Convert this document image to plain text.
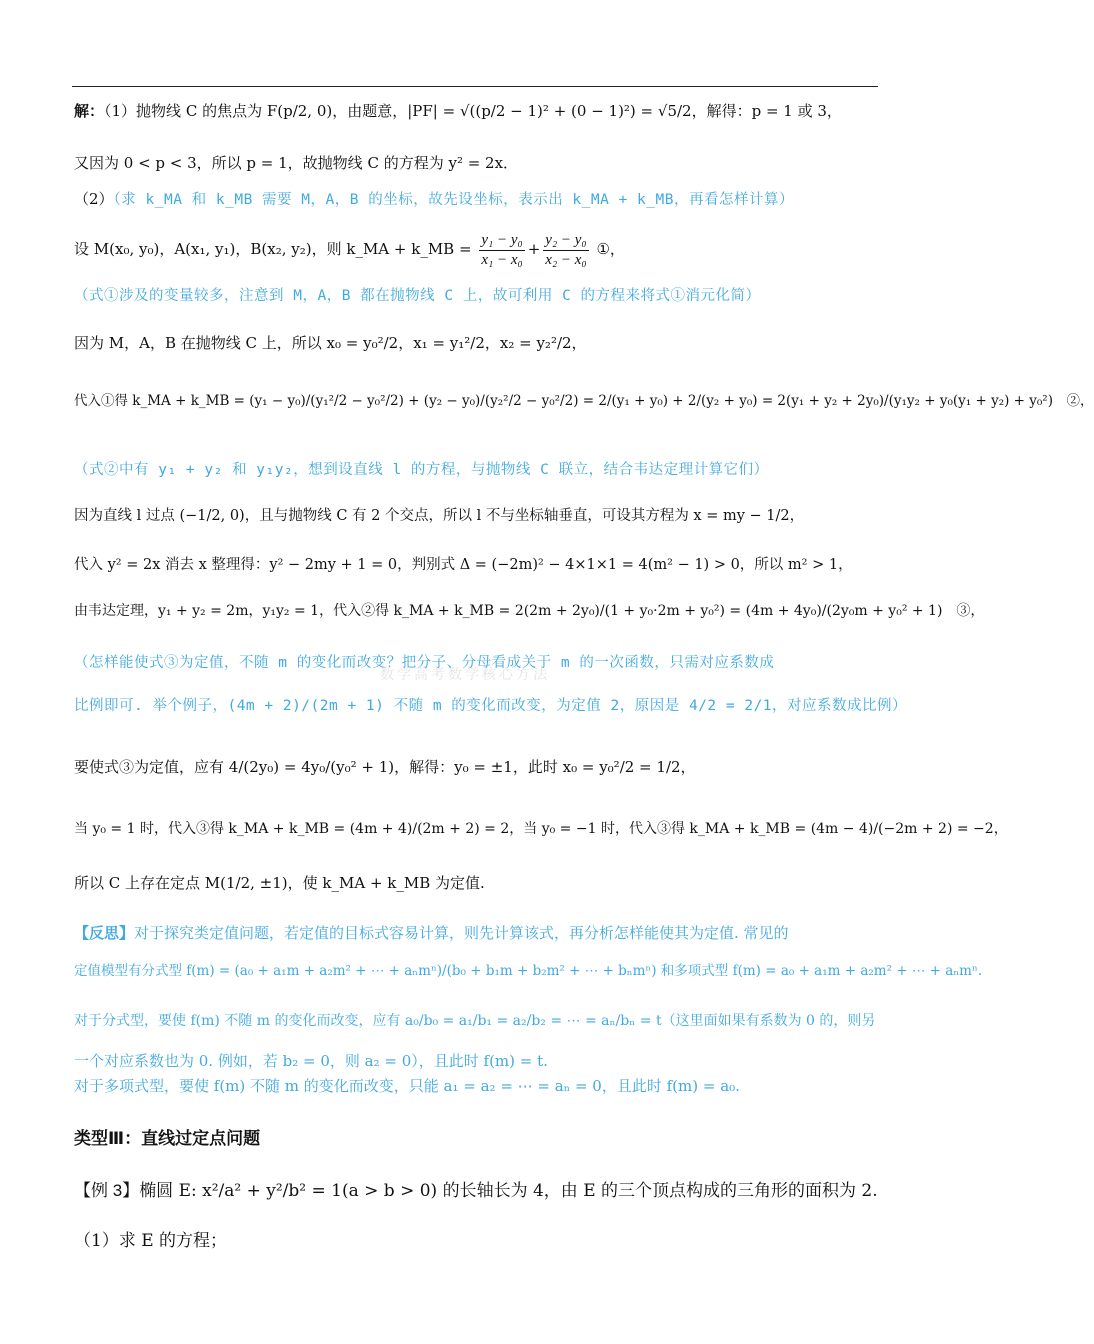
解：（1）抛物线 C 的焦点为 F(p/2, 0)，由题意，|PF| = √((p/2 − 1)² + (0 − 1)²) = √5/2，解得：p = 1 或 3，
又因为 0 < p < 3，所以 p = 1，故抛物线 C 的方程为 y² = 2x．
（2）（求 k_MA 和 k_MB 需要 M，A，B 的坐标，故先设坐标，表示出 k_MA + k_MB，再看怎样计算）
设 M(x₀, y₀)，A(x₁, y₁)，B(x₂, y₂)，则 k_MA + k_MB = $\frac{\text{y₁ − y₀}}{\text{x₁ − x₀}} + \frac{\text{y₂ − y₀}}{\text{x₂ − x₀}}$ ①，
（式①涉及的变量较多，注意到 M，A，B 都在抛物线 C 上，故可利用 C 的方程来将式①消元化简）
因为 M，A，B 在抛物线 C 上，所以 x₀ = y₀²/2，x₁ = y₁²/2，x₂ = y₂²/2，
代入①得 k_MA + k_MB = (y₁ − y₀)/(y₁²/2 − y₀²/2) + (y₂ − y₀)/(y₂²/2 − y₀²/2) = 2/(y₁ + y₀) + 2/(y₂ + y₀) = 2(y₁ + y₂ + 2y₀)/(y₁y₂ + y₀(y₁ + y₂) + y₀²)　②，
（式②中有 y₁ + y₂ 和 y₁y₂，想到设直线 l 的方程，与抛物线 C 联立，结合韦达定理计算它们）
因为直线 l 过点 (−1/2, 0)，且与抛物线 C 有 2 个交点，所以 l 不与坐标轴垂直，可设其方程为 x = my − 1/2，
代入 y² = 2x 消去 x 整理得：y² − 2my + 1 = 0，判别式 Δ = (−2m)² − 4×1×1 = 4(m² − 1) > 0，所以 m² > 1，
由韦达定理，y₁ + y₂ = 2m，y₁y₂ = 1，代入②得 k_MA + k_MB = 2(2m + 2y₀)/(1 + y₀·2m + y₀²) = (4m + 4y₀)/(2y₀m + y₀² + 1)　③，
（怎样能使式③为定值，不随 m 的变化而改变？把分子、分母看成关于 m 的一次函数，只需对应系数成
比例即可. 举个例子，(4m + 2)/(2m + 1) 不随 m 的变化而改变，为定值 2，原因是 4/2 = 2/1，对应系数成比例）
数学高考数学核心方法
要使式③为定值，应有 4/(2y₀) = 4y₀/(y₀² + 1)，解得：y₀ = ±1，此时 x₀ = y₀²/2 = 1/2，
当 y₀ = 1 时，代入③得 k_MA + k_MB = (4m + 4)/(2m + 2) = 2，当 y₀ = −1 时，代入③得 k_MA + k_MB = (4m − 4)/(−2m + 2) = −2，
所以 C 上存在定点 M(1/2, ±1)，使 k_MA + k_MB 为定值.
【反思】对于探究类定值问题，若定值的目标式容易计算，则先计算该式，再分析怎样能使其为定值. 常见的
定值模型有分式型 f(m) = (a₀ + a₁m + a₂m² + ⋯ + aₙmⁿ)/(b₀ + b₁m + b₂m² + ⋯ + bₙmⁿ) 和多项式型 f(m) = a₀ + a₁m + a₂m² + ⋯ + aₙmⁿ.
对于分式型，要使 f(m) 不随 m 的变化而改变，应有 a₀/b₀ = a₁/b₁ = a₂/b₂ = ⋯ = aₙ/bₙ = t（这里面如果有系数为 0 的，则另
一个对应系数也为 0. 例如，若 b₂ = 0，则 a₂ = 0），且此时 f(m) = t.
对于多项式型，要使 f(m) 不随 m 的变化而改变，只能 a₁ = a₂ = ⋯ = aₙ = 0，且此时 f(m) = a₀.
类型Ⅲ：直线过定点问题
【例 3】椭圆 E: x²/a² + y²/b² = 1(a > b > 0) 的长轴长为 4，由 E 的三个顶点构成的三角形的面积为 2.
（1）求 E 的方程；
